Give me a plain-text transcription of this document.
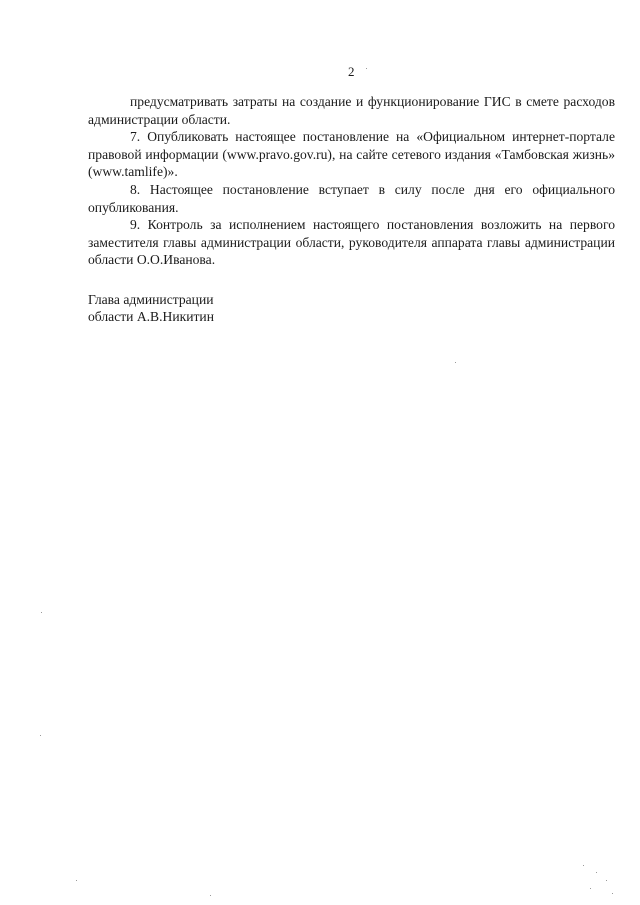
2

предусматривать затраты на создание и функционирование ГИС в смете расходов администрации области.

7. Опубликовать настоящее постановление на «Официальном интернет-портале правовой информации (www.pravo.gov.ru), на сайте сетевого издания «Тамбовская жизнь» (www.tamlife)».

8. Настоящее постановление вступает в силу после дня его официального опубликования.

9. Контроль за исполнением настоящего постановления возложить на первого заместителя главы администрации области, руководителя аппарата главы администрации области О.О.Иванова.

Глава администрации
области А.В.Никитин
